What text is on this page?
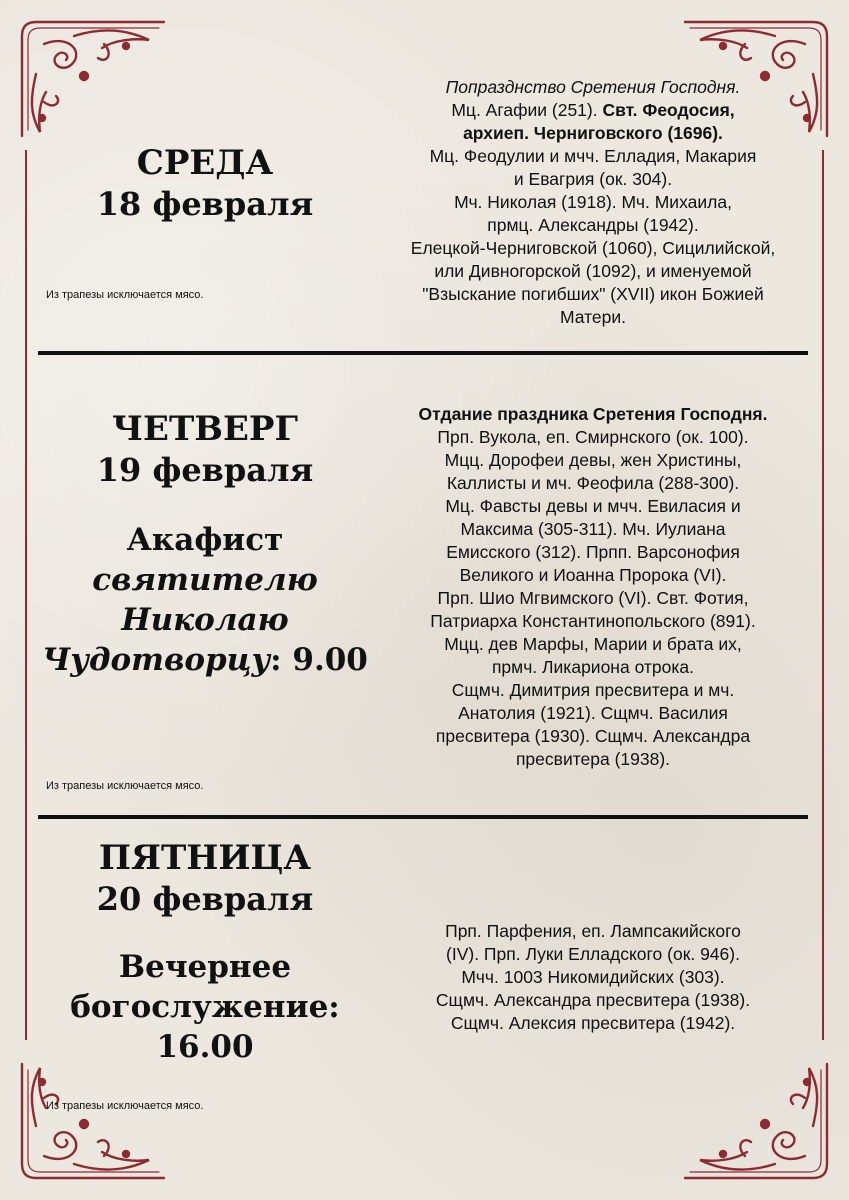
СРЕДА
18 февраля
Из трапезы исключается мясо.
Попразднство Сретения Господня.
Мц. Агафии (251). Свт. Феодосия,
архиеп. Черниговского (1696).
Мц. Феодулии и мчч. Елладия, Макария
и Евагрия (ок. 304).
Мч. Николая (1918). Мч. Михаила,
прмц. Александры (1942).
Елецкой-Черниговской (1060), Сицилийской,
или Дивногорской (1092), и именуемой
"Взыскание погибших" (XVII) икон Божией
Матери.
ЧЕТВЕРГ
19 февраля
Акафист
святителю
Николаю
Чудотворцу: 9.00
Из трапезы исключается мясо.
Отдание праздника Сретения Господня.
Прп. Вукола, еп. Смирнского (ок. 100).
Мцц. Дорофеи девы, жен Христины,
Каллисты и мч. Феофила (288-300).
Мц. Фавсты девы и мчч. Евиласия и
Максима (305-311). Мч. Иулиана
Емисского (312). Прпп. Варсонофия
Великого и Иоанна Пророка (VI).
Прп. Шио Мгвимского (VI). Свт. Фотия,
Патриарха Константинопольского (891).
Мцц. дев Марфы, Марии и брата их,
прмч. Ликариона отрока.
Сщмч. Димитрия пресвитера и мч.
Анатолия (1921). Сщмч. Василия
пресвитера (1930). Сщмч. Александра
пресвитера (1938).
ПЯТНИЦА
20 февраля
Вечернее
богослужение:
16.00
Из трапезы исключается мясо.
Прп. Парфения, еп. Лампсакийского
(IV). Прп. Луки Елладского (ок. 946).
Мчч. 1003 Никомидийских (303).
Сщмч. Александра пресвитера (1938).
Сщмч. Алексия пресвитера (1942).
